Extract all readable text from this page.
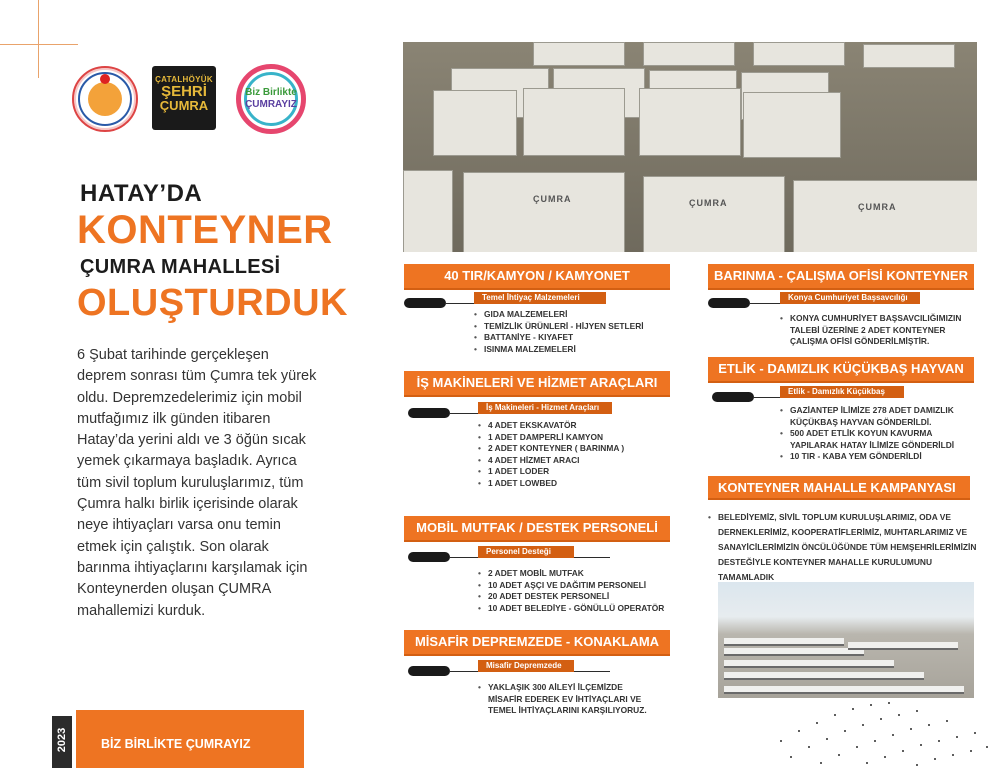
ÇATALHÖYÜK
ŞEHRİ
ÇUMRA
Biz Birlikte
ÇUMRAYIZ
HATAY’DA
KONTEYNER
ÇUMRA MAHALLESİ
OLUŞTURDUK
6 Şubat tarihinde gerçekleşen deprem sonrası tüm Çumra tek yürek oldu. Depremzedelerimiz için mobil mutfağımız ilk günden itibaren Hatay’da yerini aldı ve 3 öğün sıcak yemek çıkarmaya başladık. Ayrıca tüm sivil toplum kuruluşlarımız, tüm Çumra halkı birlik içerisinde olarak neye ihtiyaçları varsa onu temin etmek için çalıştık. Son olarak barınma ihtiyaçlarını karşılamak için Konteynerden oluşan ÇUMRA mahallemizi kurduk.
2023	BİZ BİRLİKTE ÇUMRAYIZ
ÇUMRA	ÇUMRA	ÇUMRA
40 TIR/KAMYON / KAMYONET
Temel İhtiyaç Malzemeleri
• GIDA MALZEMELERİ
• TEMİZLİK ÜRÜNLERİ - HİJYEN SETLERİ
• BATTANİYE - KIYAFET
• ISINMA MALZEMELERİ
İŞ MAKİNELERİ VE HİZMET ARAÇLARI
İş Makineleri - Hizmet Araçları
• 4 ADET EKSKAVATÖR
• 1 ADET DAMPERLİ KAMYON
• 2 ADET KONTEYNER ( BARINMA )
• 4 ADET HİZMET ARACI
• 1 ADET LODER
• 1 ADET LOWBED
MOBİL MUTFAK / DESTEK PERSONELİ
Personel Desteği
• 2 ADET MOBİL MUTFAK
• 10 ADET AŞÇI VE DAĞITIM PERSONELİ
• 20 ADET DESTEK PERSONELİ
• 10 ADET BELEDİYE - GÖNÜLLÜ OPERATÖR
MİSAFİR DEPREMZEDE - KONAKLAMA
Misafir Depremzede
• YAKLAŞIK 300 AİLEYİ İLÇEMİZDE MİSAFİR EDEREK EV İHTİYAÇLARI VE TEMEL İHTİYAÇLARINI KARŞILIYORUZ.
BARINMA - ÇALIŞMA OFİSİ KONTEYNER
Konya Cumhuriyet Başsavcılığı
• KONYA CUMHURİYET BAŞSAVCILIĞIMIZIN TALEBİ ÜZERİNE 2 ADET KONTEYNER ÇALIŞMA OFİSİ GÖNDERİLMİŞTİR.
ETLİK - DAMIZLIK KÜÇÜKBAŞ HAYVAN
Etlik - Damızlık Küçükbaş
• GAZİANTEP İLİMİZE 278 ADET DAMIZLIK KÜÇÜKBAŞ HAYVAN GÖNDERİLDİ.
• 500 ADET ETLİK KOYUN KAVURMA YAPILARAK HATAY İLİMİZE GÖNDERİLDİ
• 10 TIR - KABA YEM GÖNDERİLDİ
KONTEYNER MAHALLE KAMPANYASI
• BELEDİYEMİZ, SİVİL TOPLUM KURULUŞLARIMIZ, ODA VE DERNEKLERİMİZ, KOOPERATİFLERİMİZ, MUHTARLARIMIZ VE SANAYİCİLERİMİZİN ÖNCÜLÜĞÜNDE TÜM HEMŞEHRİLERİMİZİN DESTEĞİYLE KONTEYNER MAHALLE KURULUMUNU TAMAMLADIK
